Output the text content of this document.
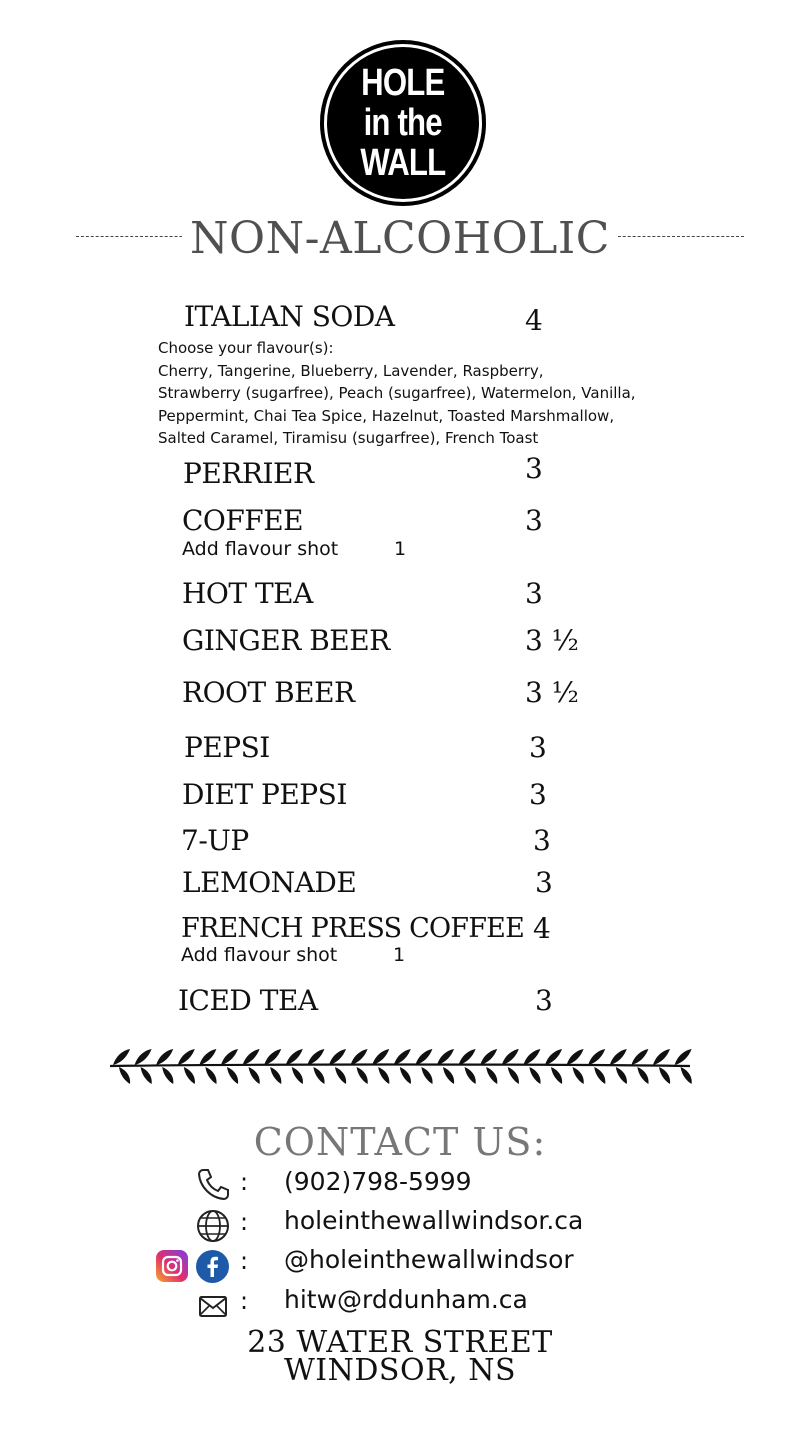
HOLE
in the
WALL
NON-ALCOHOLIC
ITALIAN SODA	4
Choose your flavour(s):
Cherry, Tangerine, Blueberry, Lavender, Raspberry,
Strawberry (sugarfree), Peach (sugarfree), Watermelon, Vanilla,
Peppermint, Chai Tea Spice, Hazelnut, Toasted Marshmallow,
Salted Caramel, Tiramisu (sugarfree), French Toast
PERRIER	3
COFFEE	3
Add flavour shot	1
HOT TEA	3
GINGER BEER	3 ½
ROOT BEER	3 ½
PEPSI	3
DIET PEPSI	3
7-UP	3
LEMONADE	3
FRENCH PRESS COFFEE 4
Add flavour shot	1
ICED TEA	3
CONTACT US:
: (902)798-5999
: holeinthewallwindsor.ca
: @holeinthewallwindsor
: hitw@rddunham.ca
23 WATER STREET
WINDSOR, NS
